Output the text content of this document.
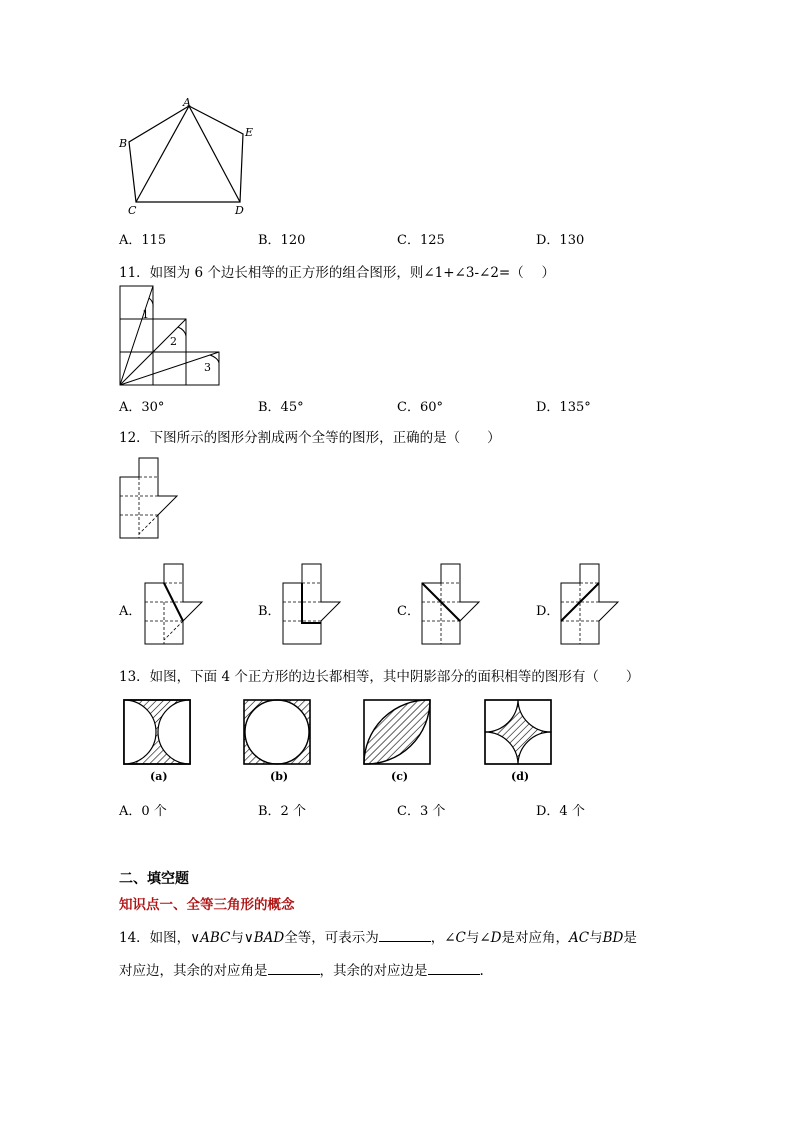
A
B
C	D
E
A．115	B．120	C．125	D．130
11．如图为 6 个边长相等的正方形的组合图形，则∠1+∠3-∠2=（　 ）
1
2
3
A．30°	B．45°	C．60°	D．135°
12．下图所示的图形分割成两个全等的图形，正确的是（　　）
A．	B．	C．	D．
13．如图，下面 4 个正方形的边长都相等，其中阴影部分的面积相等的图形有（　　）
(a)	(b)	(c)	(d)
A．0 个	B．2 个	C．3 个	D．4 个
二、填空题
知识点一、全等三角形的概念
14．如图，∨ABC与∨BAD全等，可表示为	，∠C与∠D是对应角，AC与BD是
对应边，其余的对应角是	，其余的对应边是	.
